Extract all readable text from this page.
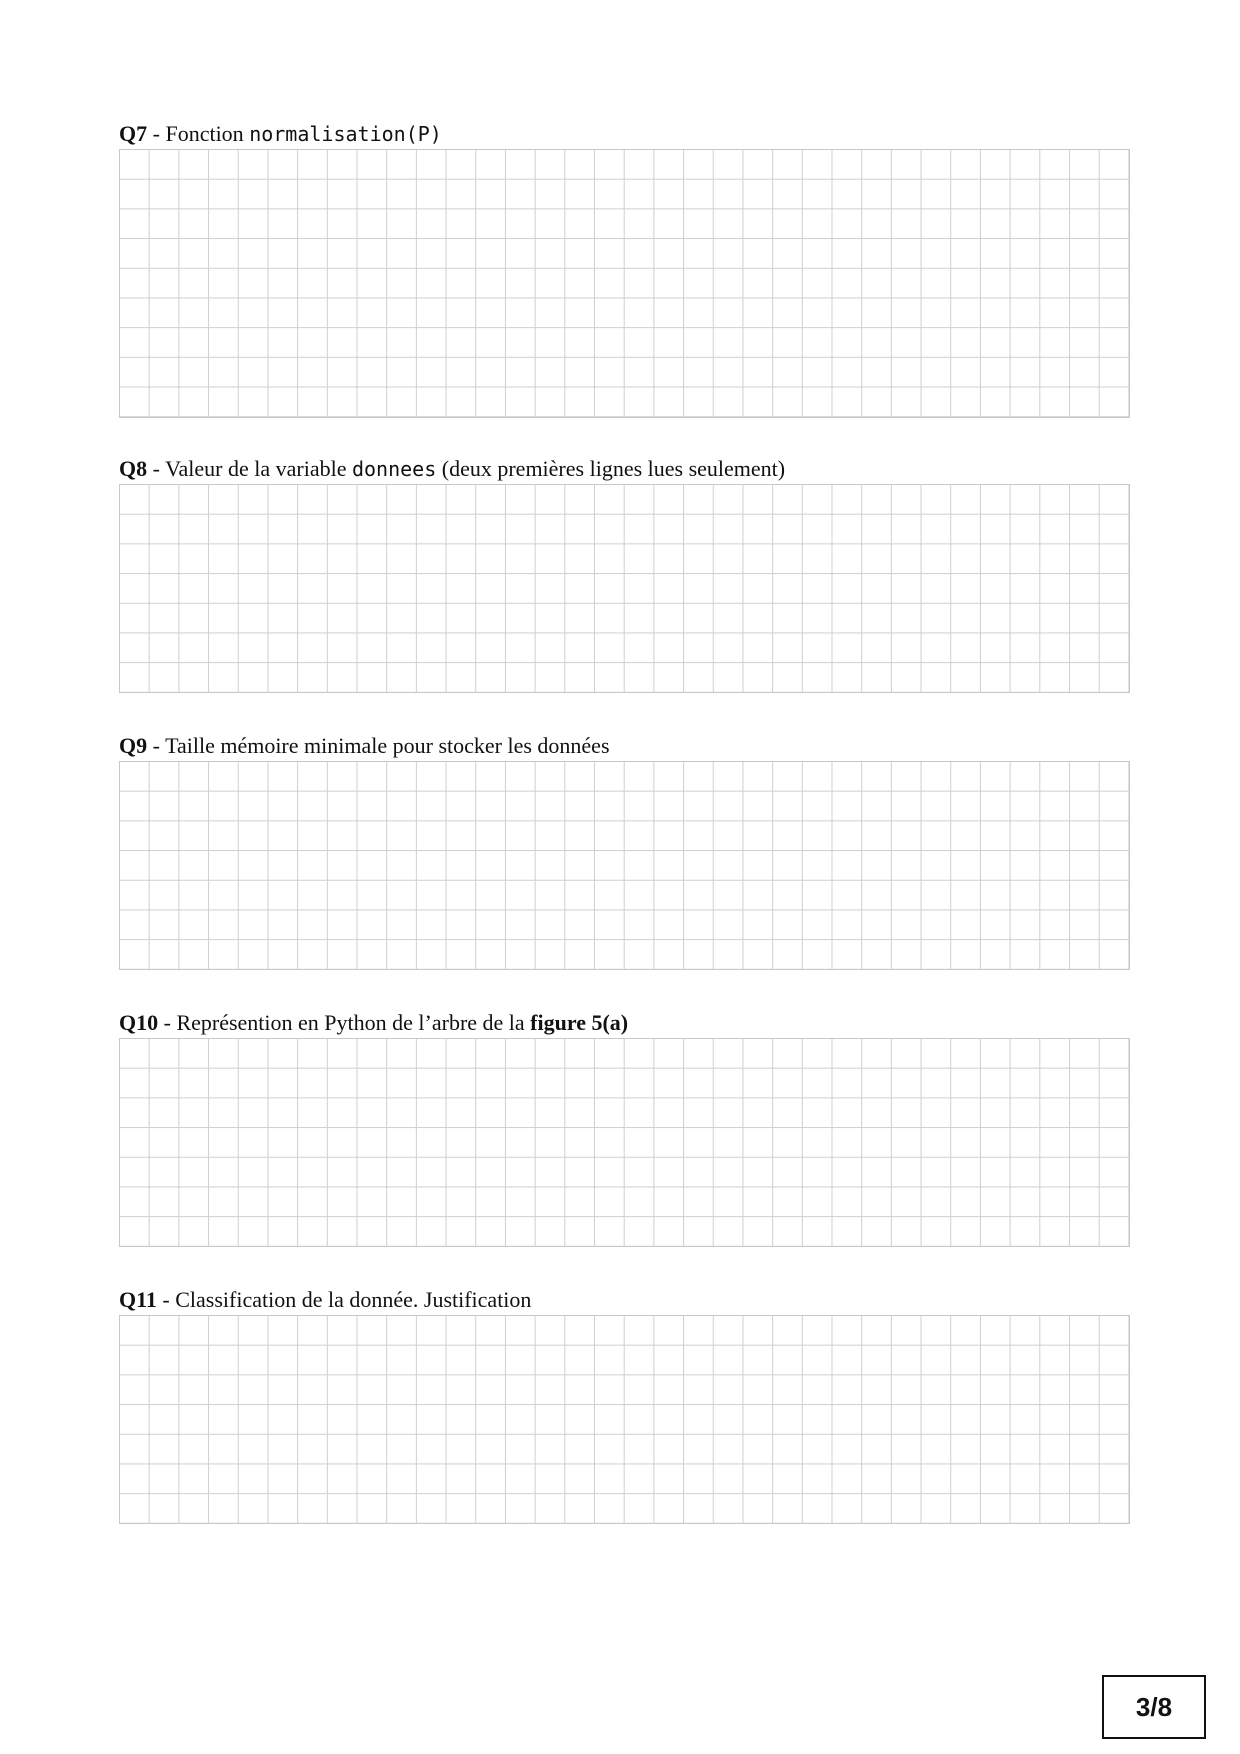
Q7 - Fonction normalisation(P)

Q8 - Valeur de la variable donnees (deux premières lignes lues seulement)

Q9 - Taille mémoire minimale pour stocker les données

Q10 - Représention en Python de l’arbre de la figure 5(a)

Q11 - Classification de la donnée. Justification

3/8
